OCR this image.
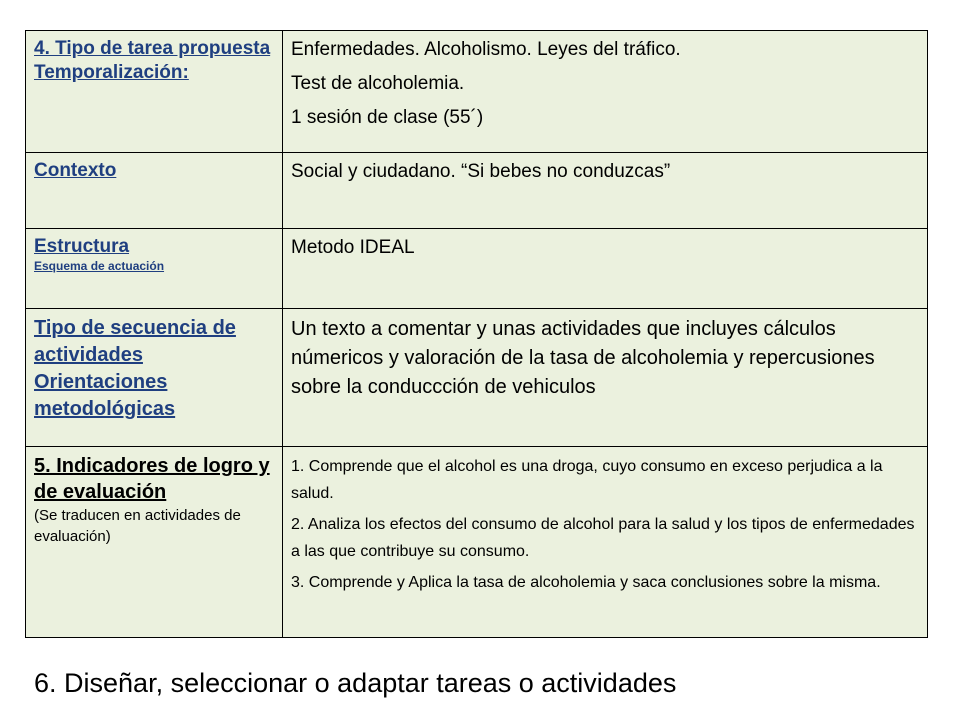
4. Tipo de tarea propuesta
Temporalización:	Enfermedades. Alcoholismo. Leyes del tráfico.
Test de alcoholemia.
1 sesión de clase (55´)

Contexto	Social y ciudadano. “Si bebes no conduzcas”

Estructura
Esquema de actuación	Metodo IDEAL

Tipo de secuencia de actividades
Orientaciones metodológicas	Un texto a comentar y unas actividades que incluyes cálculos númericos y valoración de la tasa de alcoholemia y repercusiones sobre la conduccción de vehiculos

5. Indicadores de logro y de evaluación
(Se traducen en actividades de evaluación)	1. Comprende que el alcohol es una droga, cuyo consumo en exceso perjudica a la salud.
2. Analiza los efectos del consumo de alcohol para la salud y los tipos de enfermedades a las que contribuye su consumo.
3. Comprende y Aplica la tasa de alcoholemia y saca conclusiones sobre la misma.
6. Diseñar, seleccionar o adaptar tareas o actividades
